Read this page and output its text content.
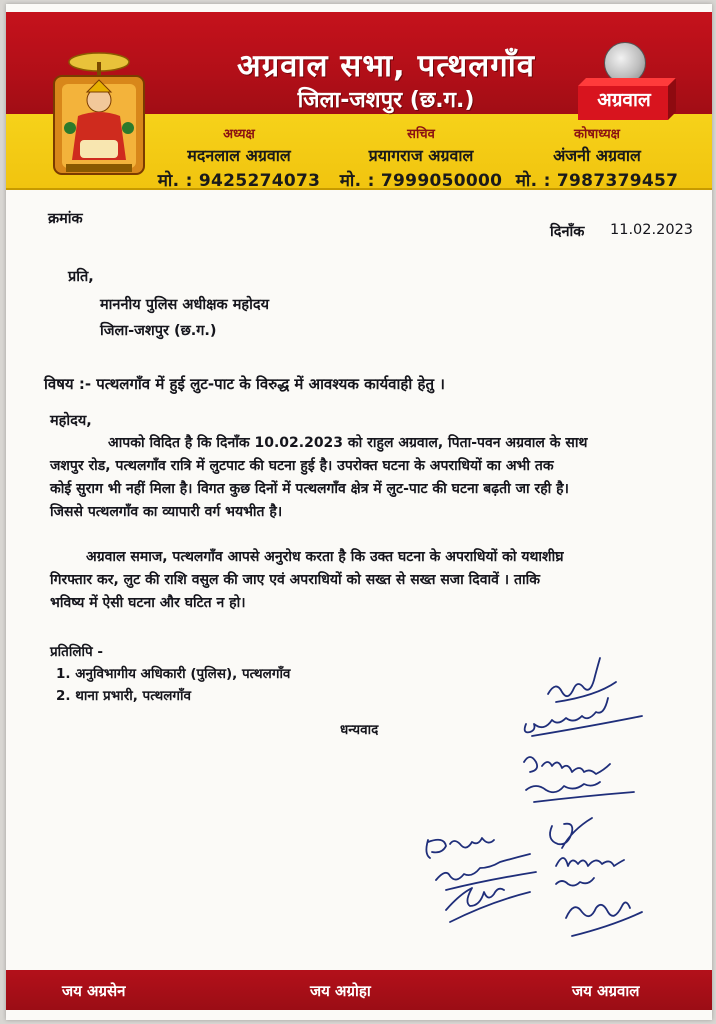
अग्रवाल सभा, पत्थलगाँव
जिला-जशपुर (छ.ग.)	अग्रवाल
अध्यक्ष
मदनलाल अग्रवाल
मो. : 9425274073
सचिव
प्रयागराज अग्रवाल
मो. : 7999050000
कोषाध्यक्ष
अंजनी अग्रवाल
मो. : 7987379457
क्रमांक
दिनाँक 11.02.2023
प्रति,
माननीय पुलिस अधीक्षक महोदय
जिला-जशपुर (छ.ग.)
विषय :- पत्थलगाँव में हुई लुट-पाट के विरुद्ध में आवश्यक कार्यवाही हेतु ।
महोदय,
आपको विदित है कि दिनाँक 10.02.2023 को राहुल अग्रवाल, पिता-पवन अग्रवाल के साथ
जशपुर रोड, पत्थलगाँव रात्रि में लुटपाट की घटना हुई है। उपरोक्त घटना के अपराधियों का अभी तक
कोई सुराग भी नहीं मिला है। विगत कुछ दिनों में पत्थलगाँव क्षेत्र में लुट-पाट की घटना बढ़ती जा रही है।
जिससे पत्थलगाँव का व्यापारी वर्ग भयभीत है।
अग्रवाल समाज, पत्थलगाँव आपसे अनुरोध करता है कि उक्त घटना के अपराधियों को यथाशीघ्र
गिरफ्तार कर, लुट की राशि वसुल की जाए एवं अपराधियों को सख्त से सख्त सजा दिवावें । ताकि
भविष्य में ऐसी घटना और घटित न हो।
प्रतिलिपि -
1. अनुविभागीय अधिकारी (पुलिस), पत्थलगाँव
2. थाना प्रभारी, पत्थलगाँव
धन्यवाद
जय अग्रसेन	जय अग्रोहा	जय अग्रवाल
